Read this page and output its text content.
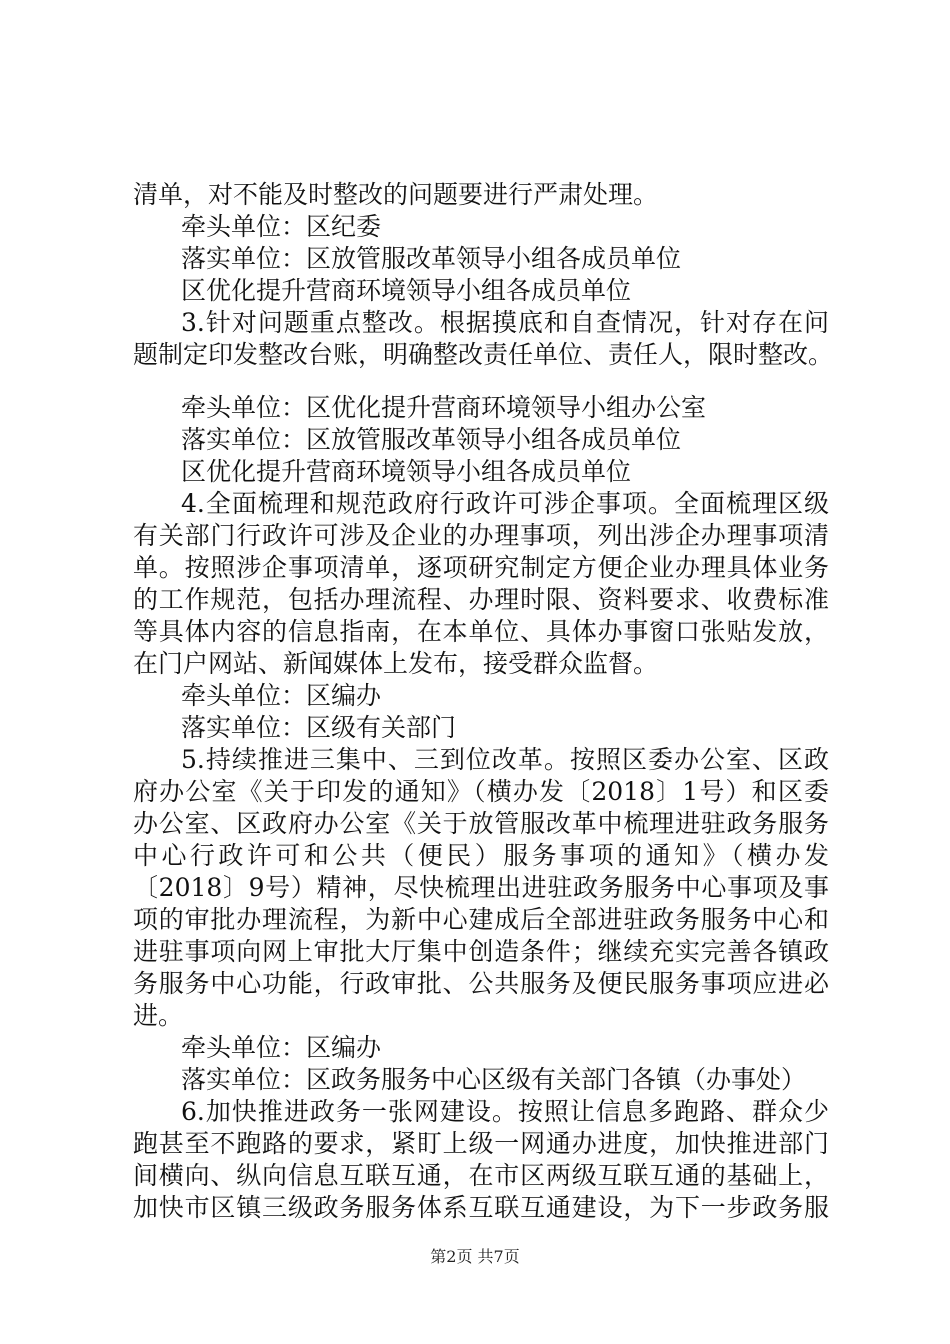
清单，对不能及时整改的问题要进行严肃处理。
牵头单位：区纪委
落实单位：区放管服改革领导小组各成员单位
区优化提升营商环境领导小组各成员单位
3.针对问题重点整改。根据摸底和自查情况，针对存在问
题制定印发整改台账，明确整改责任单位、责任人，限时整改。
牵头单位：区优化提升营商环境领导小组办公室
落实单位：区放管服改革领导小组各成员单位
区优化提升营商环境领导小组各成员单位
4.全面梳理和规范政府行政许可涉企事项。全面梳理区级
有关部门行政许可涉及企业的办理事项，列出涉企办理事项清
单。按照涉企事项清单，逐项研究制定方便企业办理具体业务
的工作规范，包括办理流程、办理时限、资料要求、收费标准
等具体内容的信息指南，在本单位、具体办事窗口张贴发放，
在门户网站、新闻媒体上发布，接受群众监督。
牵头单位：区编办
落实单位：区级有关部门
5.持续推进三集中、三到位改革。按照区委办公室、区政
府办公室《关于印发的通知》（横办发〔2018〕1号）和区委
办公室、区政府办公室《关于放管服改革中梳理进驻政务服务
中心行政许可和公共（便民）服务事项的通知》（横办发
〔2018〕9号）精神，尽快梳理出进驻政务服务中心事项及事
项的审批办理流程，为新中心建成后全部进驻政务服务中心和
进驻事项向网上审批大厅集中创造条件；继续充实完善各镇政
务服务中心功能，行政审批、公共服务及便民服务事项应进必
进。
牵头单位：区编办
落实单位：区政务服务中心区级有关部门各镇（办事处）
6.加快推进政务一张网建设。按照让信息多跑路、群众少
跑甚至不跑路的要求，紧盯上级一网通办进度，加快推进部门
间横向、纵向信息互联互通，在市区两级互联互通的基础上，
加快市区镇三级政务服务体系互联互通建设，为下一步政务服
第2页 共7页
